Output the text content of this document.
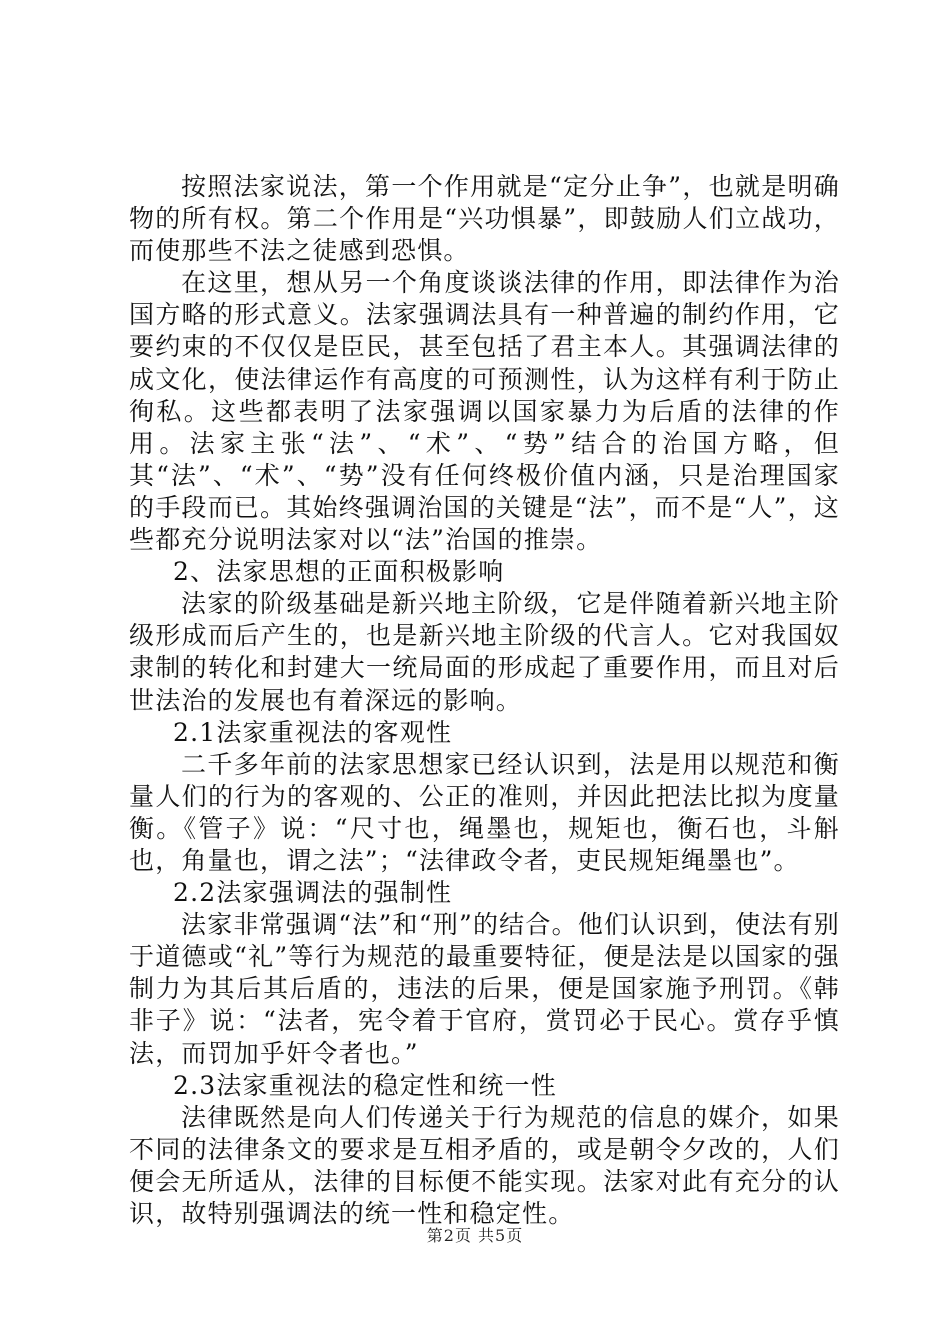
按照法家说法，第一个作用就是“定分止争”，也就是明确物的所有权。第二个作用是“兴功惧暴”，即鼓励人们立战功，而使那些不法之徒感到恐惧。

在这里，想从另一个角度谈谈法律的作用，即法律作为治国方略的形式意义。法家强调法具有一种普遍的制约作用，它要约束的不仅仅是臣民，甚至包括了君主本人。其强调法律的成文化，使法律运作有高度的可预测性，认为这样有利于防止徇私。这些都表明了法家强调以国家暴力为后盾的法律的作用。法家主张“法”、“术”、“势”结合的治国方略，但其“法”、“术”、“势”没有任何终极价值内涵，只是治理国家的手段而已。其始终强调治国的关键是“法”，而不是“人”，这些都充分说明法家对以“法”治国的推崇。

2、法家思想的正面积极影响

法家的阶级基础是新兴地主阶级，它是伴随着新兴地主阶级形成而后产生的，也是新兴地主阶级的代言人。它对我国奴隶制的转化和封建大一统局面的形成起了重要作用，而且对后世法治的发展也有着深远的影响。

2.1法家重视法的客观性

二千多年前的法家思想家已经认识到，法是用以规范和衡量人们的行为的客观的、公正的准则，并因此把法比拟为度量衡。《管子》说：“尺寸也，绳墨也，规矩也，衡石也，斗斛也，角量也，谓之法”；“法律政令者，吏民规矩绳墨也”。

2.2法家强调法的强制性

法家非常强调“法”和“刑”的结合。他们认识到，使法有别于道德或“礼”等行为规范的最重要特征，便是法是以国家的强制力为其后其后盾的，违法的后果，便是国家施予刑罚。《韩非子》说：“法者，宪令着于官府，赏罚必于民心。赏存乎慎法，而罚加乎奸令者也。”

2.3法家重视法的稳定性和统一性

法律既然是向人们传递关于行为规范的信息的媒介，如果不同的法律条文的要求是互相矛盾的，或是朝令夕改的，人们便会无所适从，法律的目标便不能实现。法家对此有充分的认识，故特别强调法的统一性和稳定性。

第2页 共5页
